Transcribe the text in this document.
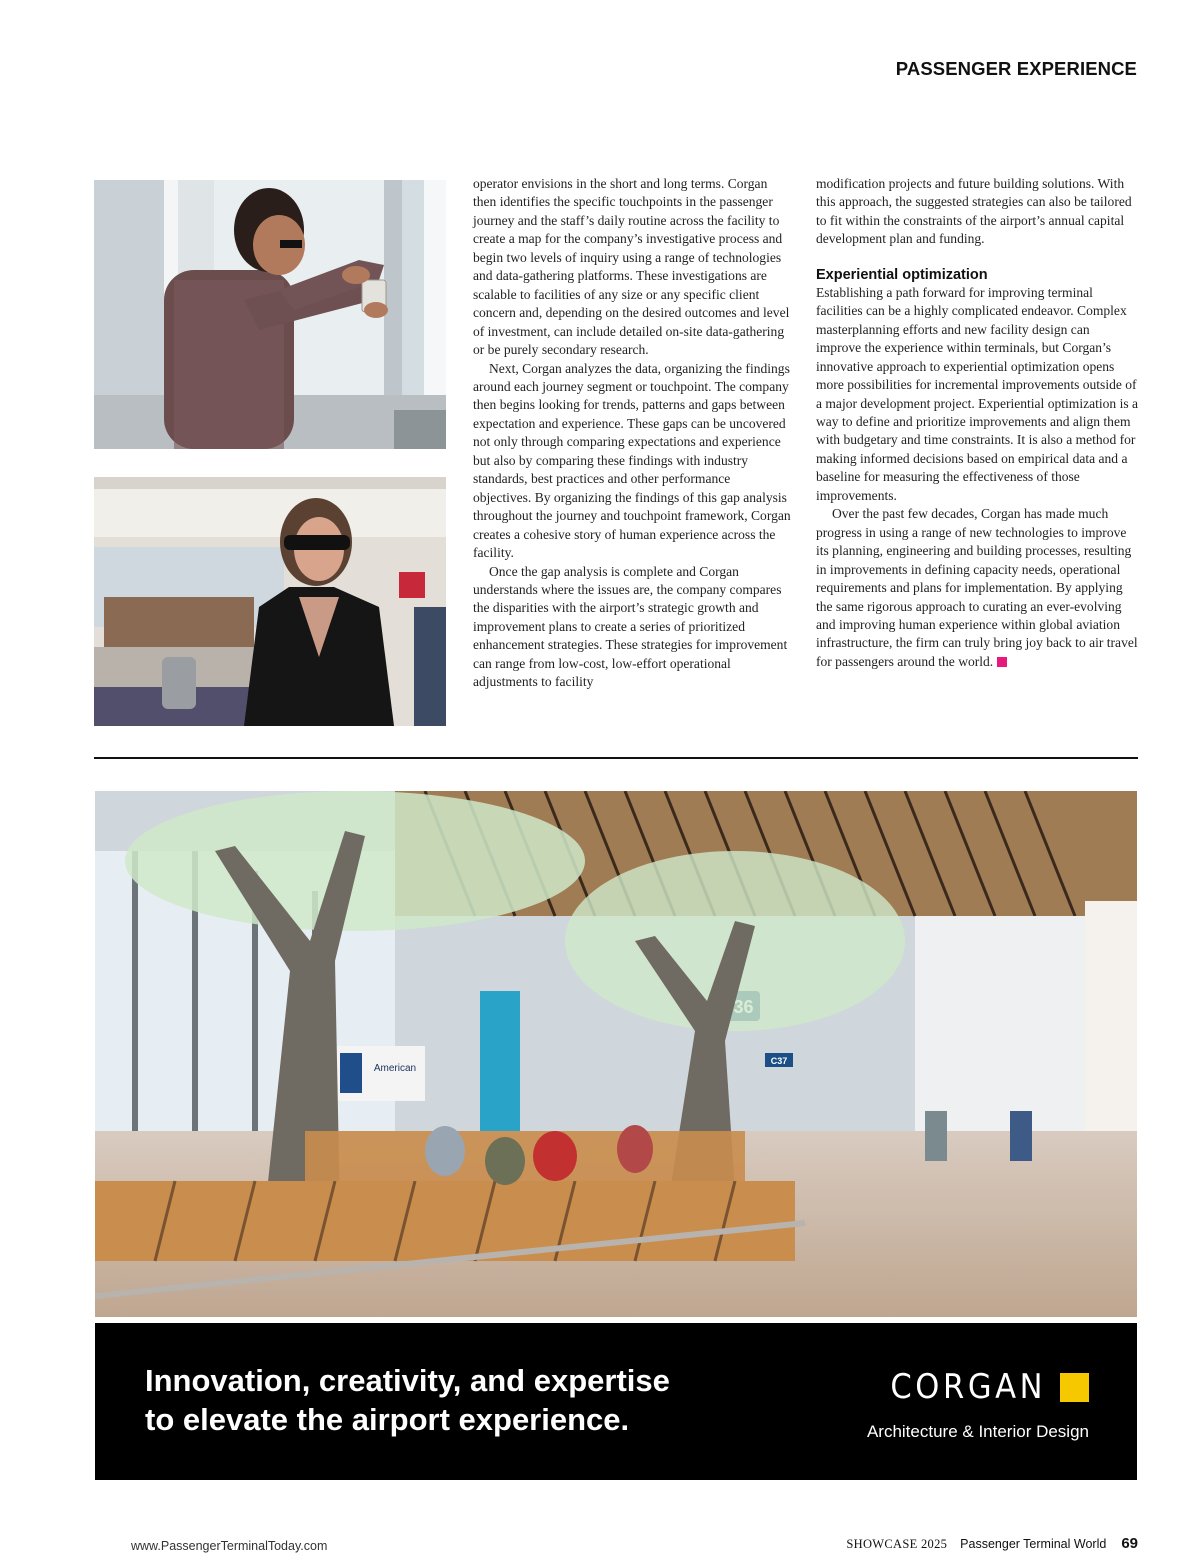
PASSENGER EXPERIENCE

operator envisions in the short and long terms. Corgan then identifies the specific touchpoints in the passenger journey and the staff’s daily routine across the facility to create a map for the company’s investigative process and begin two levels of inquiry using a range of technologies and data-gathering platforms. These investigations are scalable to facilities of any size or any specific client concern and, depending on the desired outcomes and level of investment, can include detailed on-site data-gathering or be purely secondary research.

Next, Corgan analyzes the data, organizing the findings around each journey segment or touchpoint. The company then begins looking for trends, patterns and gaps between expectation and experience. These gaps can be uncovered not only through comparing expectations and experience but also by comparing these findings with industry standards, best practices and other performance objectives. By organizing the findings of this gap analysis throughout the journey and touchpoint framework, Corgan creates a cohesive story of human experience across the facility.

Once the gap analysis is complete and Corgan understands where the issues are, the company compares the disparities with the airport’s strategic growth and improvement plans to create a series of prioritized enhancement strategies. These strategies for improvement can range from low-cost, low-effort operational adjustments to facility

modification projects and future building solutions. With this approach, the suggested strategies can also be tailored to fit within the constraints of the airport’s annual capital development plan and funding.

Experiential optimization

Establishing a path forward for improving terminal facilities can be a highly complicated endeavor. Complex masterplanning efforts and new facility design can improve the experience within terminals, but Corgan’s innovative approach to experiential optimization opens more possibilities for incremental improvements outside of a major development project. Experiential optimization is a way to define and prioritize improvements and align them with budgetary and time constraints. It is also a method for making informed decisions based on empirical data and a baseline for measuring the effectiveness of those improvements.

Over the past few decades, Corgan has made much progress in using a range of new technologies to improve its planning, engineering and building processes, resulting in improvements in defining capacity needs, operational requirements and plans for implementation. By applying the same rigorous approach to curating an ever-evolving and improving human experience within global aviation infrastructure, the firm can truly bring joy back to air travel for passengers around the world.

C37
American
Innovation, creativity, and expertise
to elevate the airport experience.
CORGAN
Architecture & Interior Design
www.PassengerTerminalToday.com	SHOWCASE 2025 Passenger Terminal World 69
